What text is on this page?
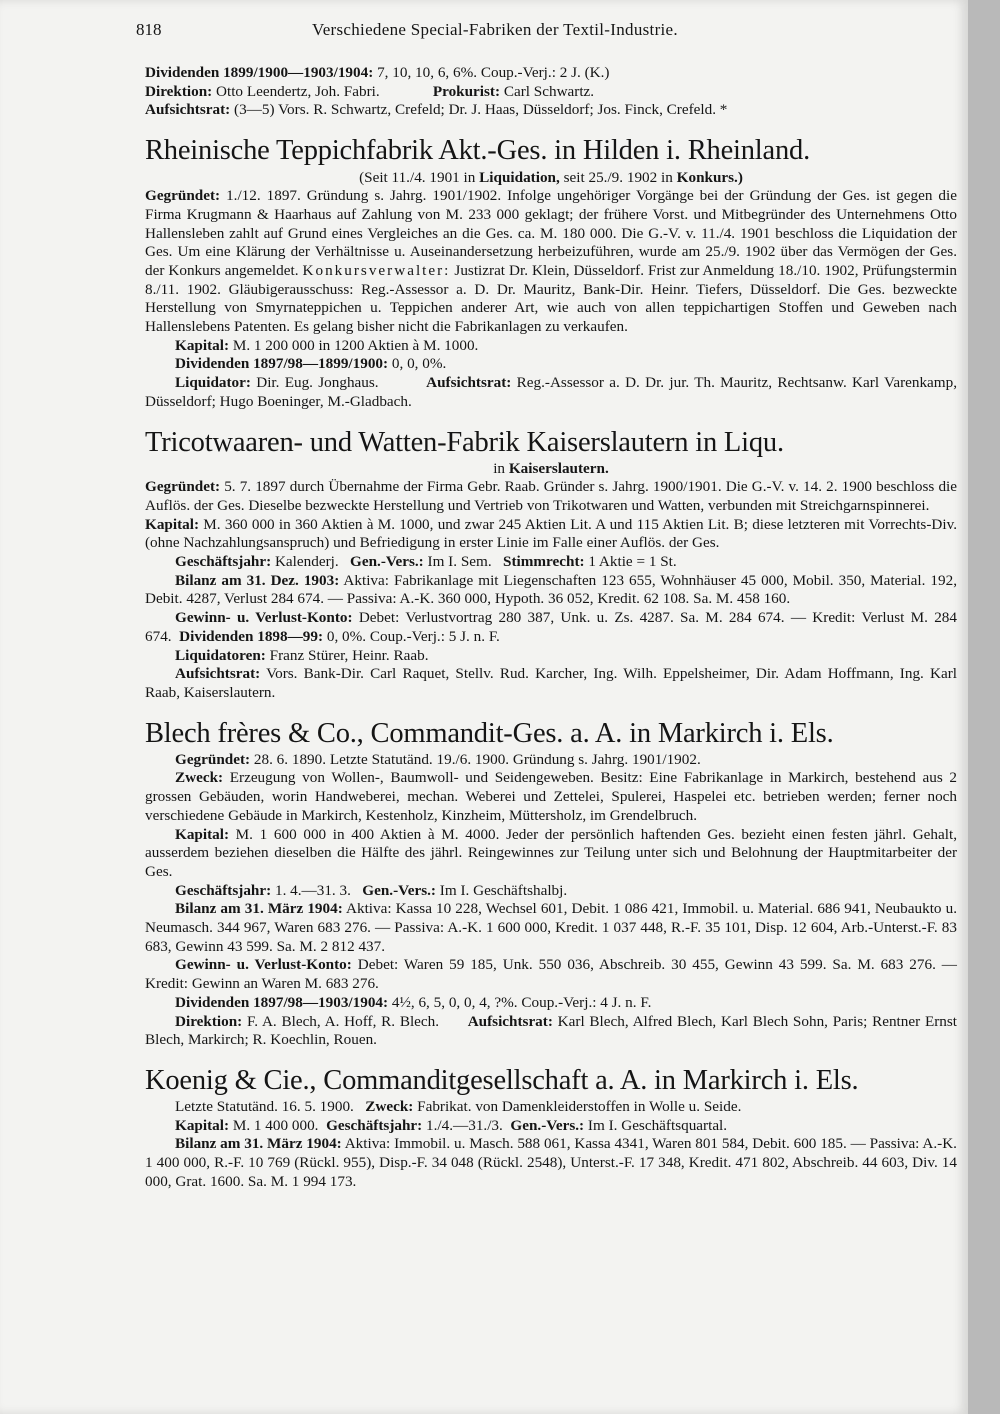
818	Verschiedene Special-Fabriken der Textil-Industrie.
Dividenden 1899/1900—1903/1904: 7, 10, 10, 6, 6%. Coup.-Verj.: 2 J. (K.)
Direktion: Otto Leendertz, Joh. Fabri.	Prokurist: Carl Schwartz.
Aufsichtsrat: (3—5) Vors. R. Schwartz, Crefeld; Dr. J. Haas, Düsseldorf; Jos. Finck, Crefeld. *
Rheinische Teppichfabrik Akt.-Ges. in Hilden i. Rheinland.
(Seit 11./4. 1901 in Liquidation, seit 25./9. 1902 in Konkurs.)
Gegründet: 1./12. 1897. Gründung s. Jahrg. 1901/1902. Infolge ungehöriger Vorgänge bei der Gründung der Ges. ist gegen die Firma Krugmann & Haarhaus auf Zahlung von M. 233 000 geklagt; der frühere Vorst. und Mitbegründer des Unternehmens Otto Hallensleben zahlt auf Grund eines Vergleiches an die Ges. ca. M. 180 000. Die G.-V. v. 11./4. 1901 beschloss die Liquidation der Ges. Um eine Klärung der Verhältnisse u. Auseinandersetzung herbeizuführen, wurde am 25./9. 1902 über das Vermögen der Ges. der Konkurs angemeldet. Konkursverwalter: Justizrat Dr. Klein, Düsseldorf. Frist zur Anmeldung 18./10. 1902, Prüfungstermin 8./11. 1902. Gläubigerausschuss: Reg.-Assessor a. D. Dr. Mauritz, Bank-Dir. Heinr. Tiefers, Düsseldorf. Die Ges. bezweckte Herstellung von Smyrnateppichen u. Teppichen anderer Art, wie auch von allen teppichartigen Stoffen und Geweben nach Hallenslebens Patenten. Es gelang bisher nicht die Fabrikanlagen zu verkaufen.
Kapital: M. 1 200 000 in 1200 Aktien à M. 1000.
Dividenden 1897/98—1899/1900: 0, 0, 0%.
Liquidator: Dir. Eug. Jonghaus.	Aufsichtsrat: Reg.-Assessor a. D. Dr. jur. Th. Mauritz, Rechtsanw. Karl Varenkamp, Düsseldorf; Hugo Boeninger, M.-Gladbach.
Tricotwaaren- und Watten-Fabrik Kaiserslautern in Liqu.
in Kaiserslautern.
Gegründet: 5. 7. 1897 durch Übernahme der Firma Gebr. Raab. Gründer s. Jahrg. 1900/1901. Die G.-V. v. 14. 2. 1900 beschloss die Auflös. der Ges. Dieselbe bezweckte Herstellung und Vertrieb von Trikotwaren und Watten, verbunden mit Streichgarnspinnerei.
Kapital: M. 360 000 in 360 Aktien à M. 1000, und zwar 245 Aktien Lit. A und 115 Aktien Lit. B; diese letzteren mit Vorrechts-Div. (ohne Nachzahlungsanspruch) und Befriedigung in erster Linie im Falle einer Auflös. der Ges.
Geschäftsjahr: Kalenderj. Gen.-Vers.: Im I. Sem. Stimmrecht: 1 Aktie = 1 St.
Bilanz am 31. Dez. 1903: Aktiva: Fabrikanlage mit Liegenschaften 123 655, Wohnhäuser 45 000, Mobil. 350, Material. 192, Debit. 4287, Verlust 284 674. — Passiva: A.-K. 360 000, Hypoth. 36 052, Kredit. 62 108. Sa. M. 458 160.
Gewinn- u. Verlust-Konto: Debet: Verlustvortrag 280 387, Unk. u. Zs. 4287. Sa. M. 284 674. — Kredit: Verlust M. 284 674. Dividenden 1898—99: 0, 0%. Coup.-Verj.: 5 J. n. F.
Liquidatoren: Franz Stürer, Heinr. Raab.
Aufsichtsrat: Vors. Bank-Dir. Carl Raquet, Stellv. Rud. Karcher, Ing. Wilh. Eppelsheimer, Dir. Adam Hoffmann, Ing. Karl Raab, Kaiserslautern.
Blech frères & Co., Commandit-Ges. a. A. in Markirch i. Els.
Gegründet: 28. 6. 1890. Letzte Statutänd. 19./6. 1900. Gründung s. Jahrg. 1901/1902.
Zweck: Erzeugung von Wollen-, Baumwoll- und Seidengeweben. Besitz: Eine Fabrikanlage in Markirch, bestehend aus 2 grossen Gebäuden, worin Handweberei, mechan. Weberei und Zettelei, Spulerei, Haspelei etc. betrieben werden; ferner noch verschiedene Gebäude in Markirch, Kestenholz, Kinzheim, Müttersholz, im Grendelbruch.
Kapital: M. 1 600 000 in 400 Aktien à M. 4000. Jeder der persönlich haftenden Ges. bezieht einen festen jährl. Gehalt, ausserdem beziehen dieselben die Hälfte des jährl. Reingewinnes zur Teilung unter sich und Belohnung der Hauptmitarbeiter der Ges.
Geschäftsjahr: 1. 4.—31. 3. Gen.-Vers.: Im I. Geschäftshalbj.
Bilanz am 31. März 1904: Aktiva: Kassa 10 228, Wechsel 601, Debit. 1 086 421, Immobil. u. Material. 686 941, Neubaukto u. Neumasch. 344 967, Waren 683 276. — Passiva: A.-K. 1 600 000, Kredit. 1 037 448, R.-F. 35 101, Disp. 12 604, Arb.-Unterst.-F. 83 683, Gewinn 43 599. Sa. M. 2 812 437.
Gewinn- u. Verlust-Konto: Debet: Waren 59 185, Unk. 550 036, Abschreib. 30 455, Gewinn 43 599. Sa. M. 683 276. — Kredit: Gewinn an Waren M. 683 276.
Dividenden 1897/98—1903/1904: 4½, 6, 5, 0, 0, 4, ?%. Coup.-Verj.: 4 J. n. F.
Direktion: F. A. Blech, A. Hoff, R. Blech. Aufsichtsrat: Karl Blech, Alfred Blech, Karl Blech Sohn, Paris; Rentner Ernst Blech, Markirch; R. Koechlin, Rouen.
Koenig & Cie., Commanditgesellschaft a. A. in Markirch i. Els.
Letzte Statutänd. 16. 5. 1900. Zweck: Fabrikat. von Damenkleiderstoffen in Wolle u. Seide.
Kapital: M. 1 400 000. Geschäftsjahr: 1./4.—31./3. Gen.-Vers.: Im I. Geschäftsquartal.
Bilanz am 31. März 1904: Aktiva: Immobil. u. Masch. 588 061, Kassa 4341, Waren 801 584, Debit. 600 185. — Passiva: A.-K. 1 400 000, R.-F. 10 769 (Rückl. 955), Disp.-F. 34 048 (Rückl. 2548), Unterst.-F. 17 348, Kredit. 471 802, Abschreib. 44 603, Div. 14 000, Grat. 1600. Sa. M. 1 994 173.
